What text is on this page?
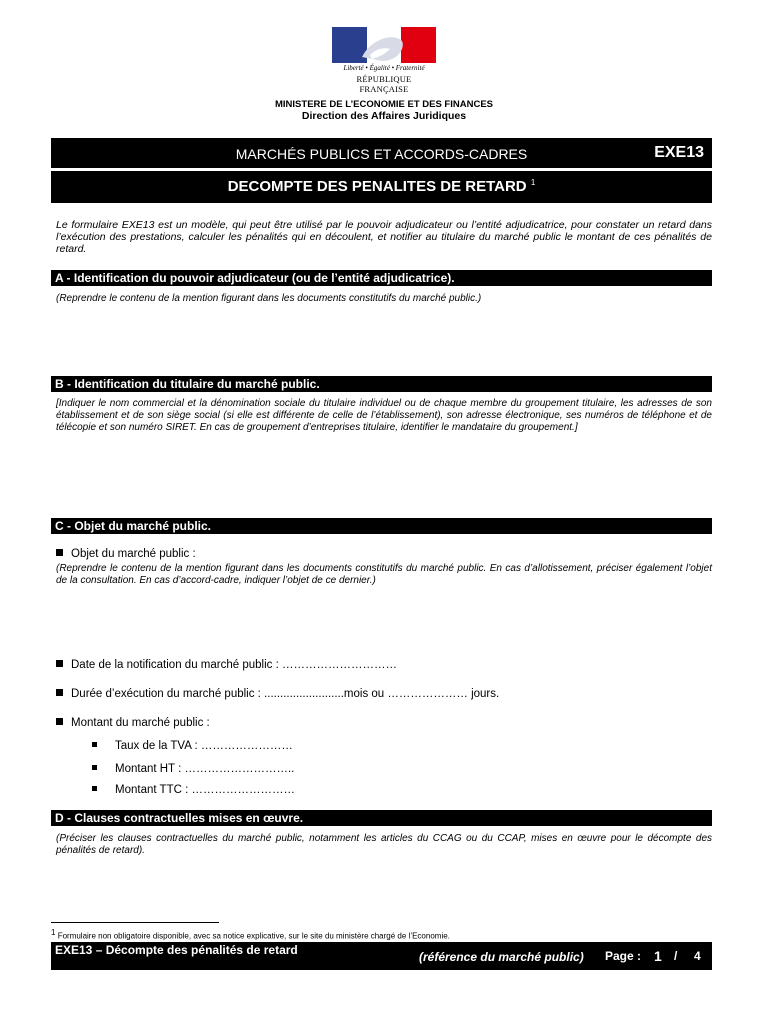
Liberté • Égalité • Fraternité
RÉPUBLIQUE FRANÇAISE
MINISTERE DE L’ECONOMIE ET DES FINANCES
Direction des Affaires Juridiques
MARCHÉS PUBLICS ET ACCORDS-CADRES	EXE13
DECOMPTE DES PENALITES DE RETARD $^1$
Le formulaire EXE13 est un modèle, qui peut être utilisé par le pouvoir adjudicateur ou l’entité adjudicatrice, pour constater un retard dans l’exécution des prestations, calculer les pénalités qui en découlent, et notifier au titulaire du marché public le montant de ces pénalités de retard.
A - Identification du pouvoir adjudicateur (ou de l’entité adjudicatrice).
(Reprendre le contenu de la mention figurant dans les documents constitutifs du marché public.)
B - Identification du titulaire du marché public.
[Indiquer le nom commercial et la dénomination sociale du titulaire individuel ou de chaque membre du groupement titulaire, les adresses de son établissement et de son siège social (si elle est différente de celle de l’établissement), son adresse électronique, ses numéros de téléphone et de télécopie et son numéro SIRET. En cas de groupement d’entreprises titulaire, identifier le mandataire du groupement.]
C - Objet du marché public.
Objet du marché public :
(Reprendre le contenu de la mention figurant dans les documents constitutifs du marché public. En cas d’allotissement, préciser également l’objet de la consultation. En cas d’accord-cadre, indiquer l’objet de ce dernier.)
Date de la notification du marché public : …………………………
Durée d’exécution du marché public : .........................mois ou ………………… jours.
Montant du marché public :
Taux de la TVA : ……………………
Montant HT : ………………………..
Montant TTC : ………………………
D - Clauses contractuelles mises en œuvre.
(Préciser les clauses contractuelles du marché public, notamment les articles du CCAG ou du CCAP, mises en œuvre pour le décompte des pénalités de retard).
$^1$ Formulaire non obligatoire disponible, avec sa notice explicative, sur le site du ministère chargé de l’Economie.
EXE13 – Décompte des pénalités de retard	(référence du marché public) Page : 1 / 4
